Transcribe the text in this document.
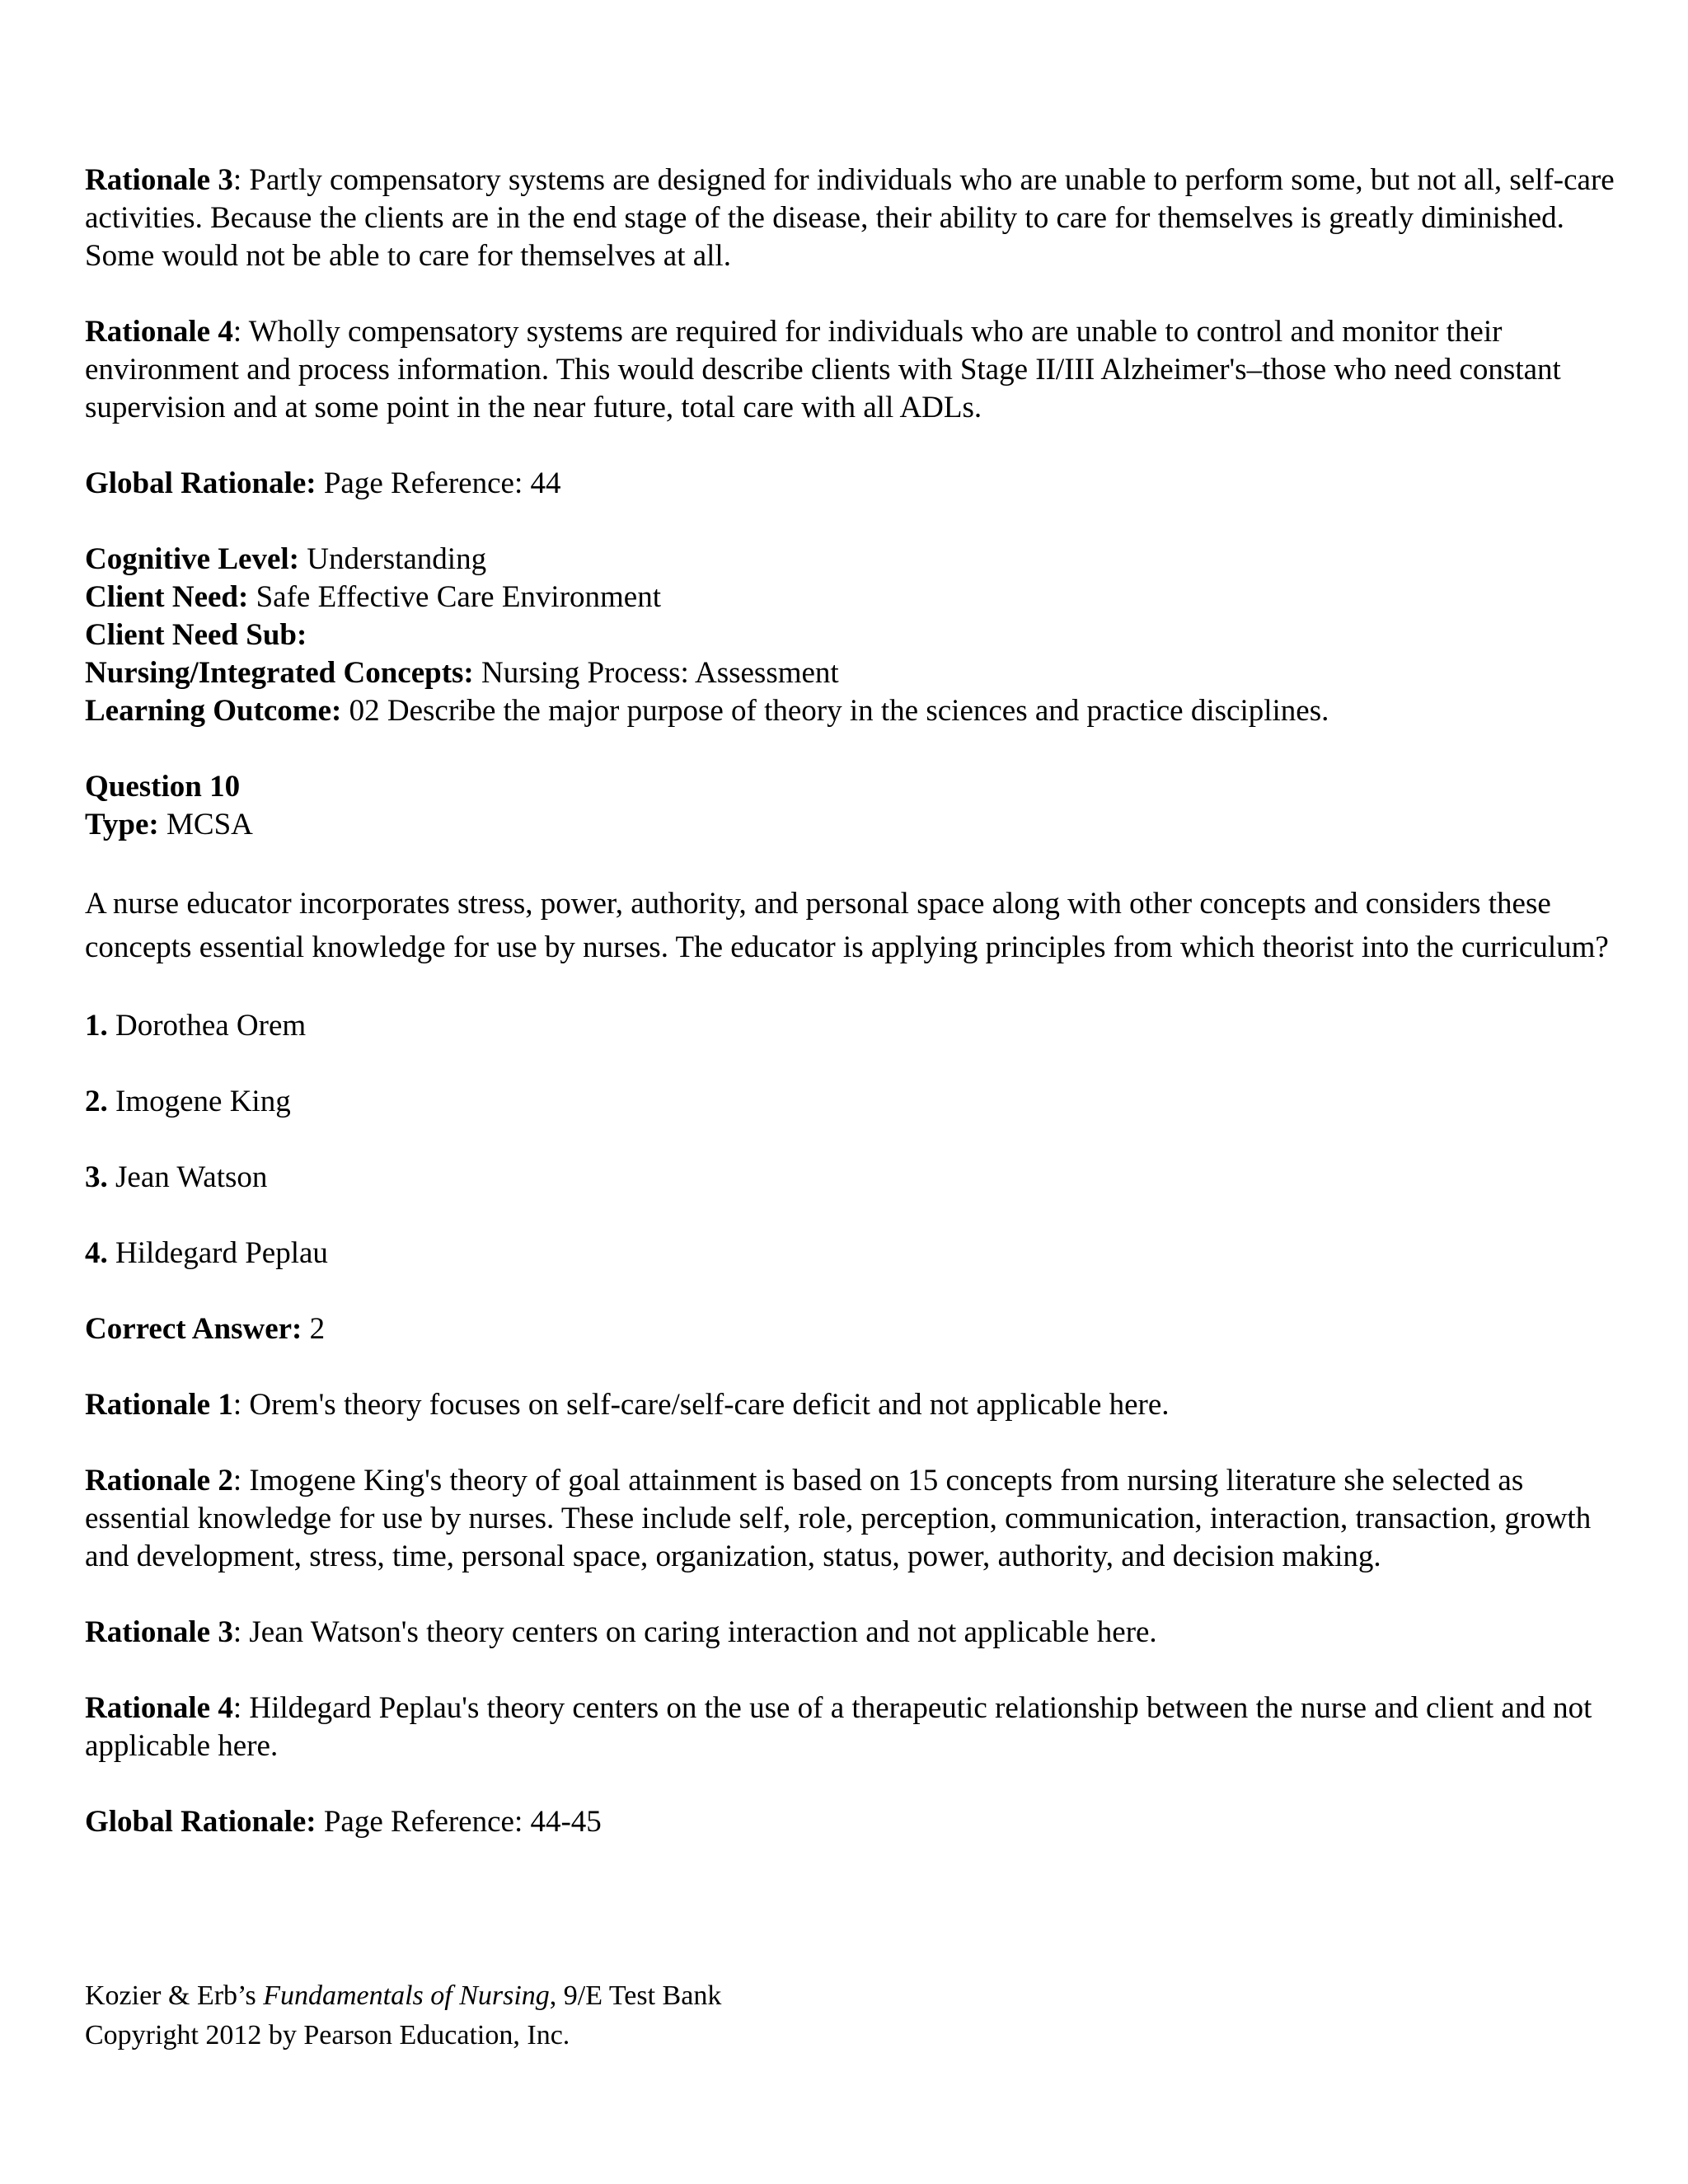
Rationale 3: Partly compensatory systems are designed for individuals who are unable to perform some, but not all, self-care activities. Because the clients are in the end stage of the disease, their ability to care for themselves is greatly diminished. Some would not be able to care for themselves at all.

Rationale 4: Wholly compensatory systems are required for individuals who are unable to control and monitor their environment and process information. This would describe clients with Stage II/III Alzheimer's–those who need constant supervision and at some point in the near future, total care with all ADLs.

Global Rationale: Page Reference: 44

Cognitive Level: Understanding

Client Need: Safe Effective Care Environment

Client Need Sub:

Nursing/Integrated Concepts: Nursing Process: Assessment

Learning Outcome: 02 Describe the major purpose of theory in the sciences and practice disciplines.

Question 10

Type: MCSA

A nurse educator incorporates stress, power, authority, and personal space along with other concepts and considers these concepts essential knowledge for use by nurses. The educator is applying principles from which theorist into the curriculum?

1. Dorothea Orem

2. Imogene King

3. Jean Watson

4. Hildegard Peplau

Correct Answer: 2

Rationale 1: Orem's theory focuses on self-care/self-care deficit and not applicable here.

Rationale 2: Imogene King's theory of goal attainment is based on 15 concepts from nursing literature she selected as essential knowledge for use by nurses. These include self, role, perception, communication, interaction, transaction, growth and development, stress, time, personal space, organization, status, power, authority, and decision making.

Rationale 3: Jean Watson's theory centers on caring interaction and not applicable here.

Rationale 4: Hildegard Peplau's theory centers on the use of a therapeutic relationship between the nurse and client and not applicable here.

Global Rationale: Page Reference: 44-45

Kozier & Erb’s Fundamentals of Nursing, 9/E Test Bank
Copyright 2012 by Pearson Education, Inc.
